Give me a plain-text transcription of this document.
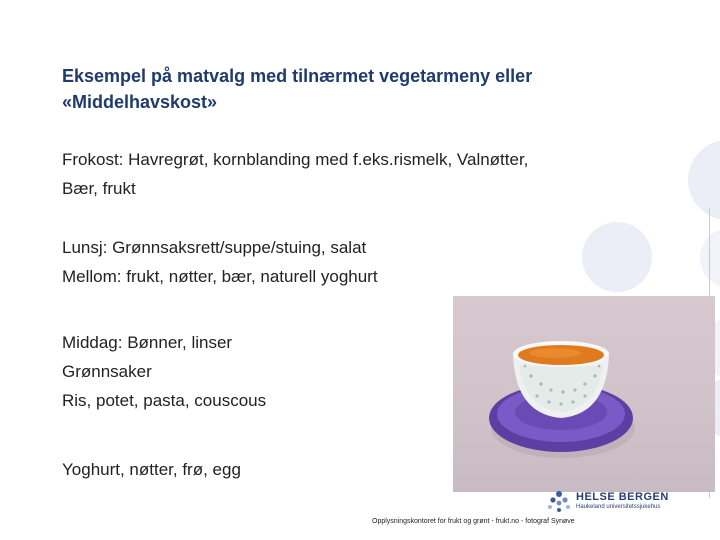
Eksempel på matvalg med tilnærmet vegetarmeny eller
«Middelhavskost»
Frokost: Havregrøt, kornblanding med f.eks.rismelk, Valnøtter,
Bær, frukt
Lunsj: Grønnsaksrett/suppe/stuing, salat
Mellom: frukt, nøtter, bær, naturell yoghurt
Middag: Bønner, linser
Grønnsaker
Ris, potet, pasta, couscous
Yoghurt, nøtter, frø, egg
HELSE BERGEN
Haukeland universitetssjukehus
Opplysningskontoret for frukt og grønt - frukt.no - fotograf Synøve
